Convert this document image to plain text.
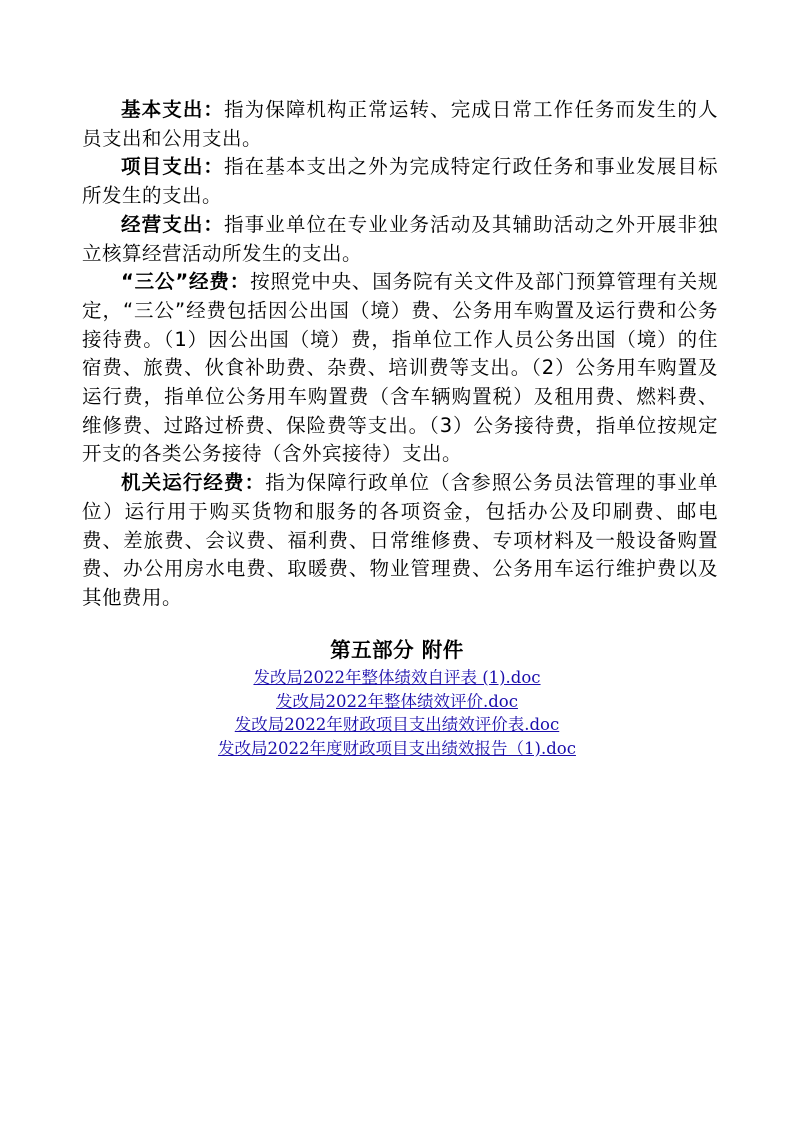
基本支出：指为保障机构正常运转、完成日常工作任务而发生的人员支出和公用支出。

项目支出：指在基本支出之外为完成特定行政任务和事业发展目标所发生的支出。

经营支出：指事业单位在专业业务活动及其辅助活动之外开展非独立核算经营活动所发生的支出。

“三公”经费：按照党中央、国务院有关文件及部门预算管理有关规定，“三公”经费包括因公出国（境）费、公务用车购置及运行费和公务接待费。（1）因公出国（境）费，指单位工作人员公务出国（境）的住宿费、旅费、伙食补助费、杂费、培训费等支出。（2）公务用车购置及运行费，指单位公务用车购置费（含车辆购置税）及租用费、燃料费、维修费、过路过桥费、保险费等支出。（3）公务接待费，指单位按规定开支的各类公务接待（含外宾接待）支出。

机关运行经费：指为保障行政单位（含参照公务员法管理的事业单位）运行用于购买货物和服务的各项资金，包括办公及印刷费、邮电费、差旅费、会议费、福利费、日常维修费、专项材料及一般设备购置费、办公用房水电费、取暖费、物业管理费、公务用车运行维护费以及其他费用。

第五部分 附件
发改局2022年整体绩效自评表 (1).doc
发改局2022年整体绩效评价.doc
发改局2022年财政项目支出绩效评价表.doc
发改局2022年度财政项目支出绩效报告（1).doc
